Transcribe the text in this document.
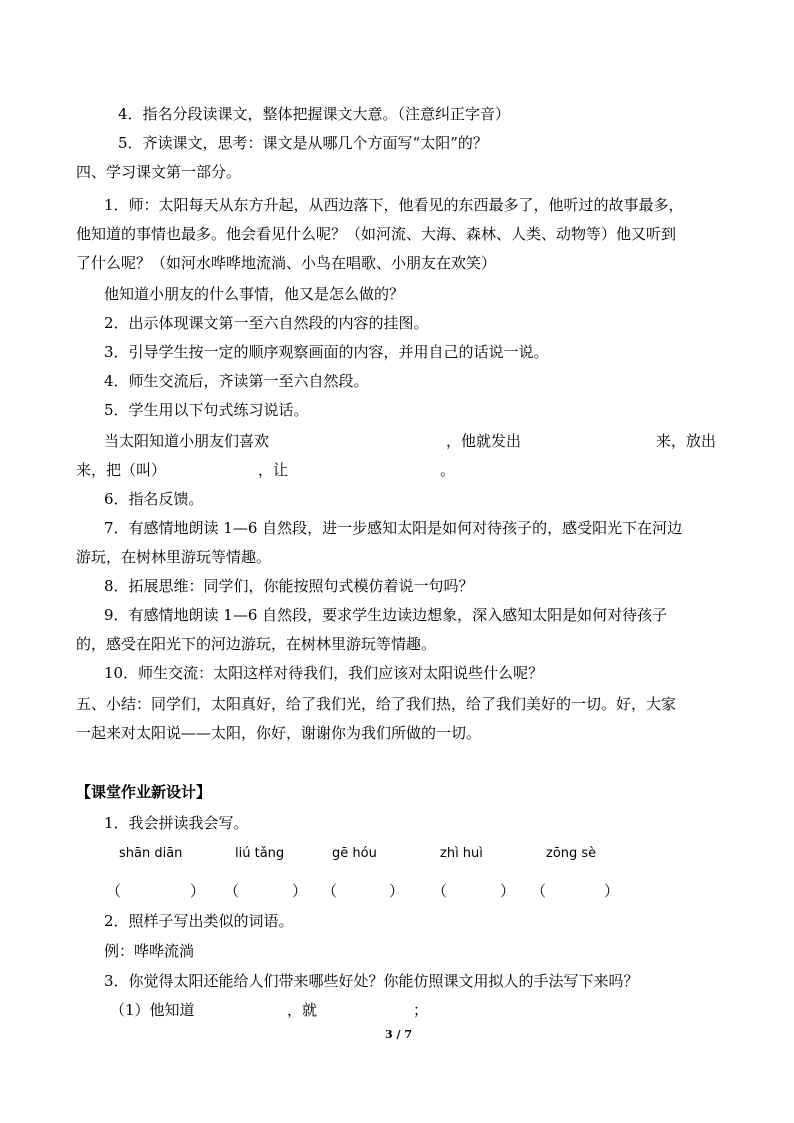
4．指名分段读课文，整体把握课文大意。（注意纠正字音）
5．齐读课文，思考：课文是从哪几个方面写“太阳”的？
四、学习课文第一部分。
1．师：太阳每天从东方升起，从西边落下，他看见的东西最多了，他听过的故事最多，
他知道的事情也最多。他会看见什么呢？（如河流、大海、森林、人类、动物等）他又听到
了什么呢？（如河水哗哗地流淌、小鸟在唱歌、小朋友在欢笑）
他知道小朋友的什么事情，他又是怎么做的？
2．出示体现课文第一至六自然段的内容的挂图。
3．引导学生按一定的顺序观察画面的内容，并用自己的话说一说。
4．师生交流后，齐读第一至六自然段。
5．学生用以下句式练习说话。
当太阳知道小朋友们喜欢	，他就发出	来，放出
来，把（叫）	，让	。
6．指名反馈。
7．有感情地朗读 1—6 自然段，进一步感知太阳是如何对待孩子的，感受阳光下在河边
游玩，在树林里游玩等情趣。
8．拓展思维：同学们，你能按照句式模仿着说一句吗？
9．有感情地朗读 1—6 自然段，要求学生边读边想象，深入感知太阳是如何对待孩子
的，感受在阳光下的河边游玩，在树林里游玩等情趣。
10．师生交流：太阳这样对待我们，我们应该对太阳说些什么呢？
五、小结：同学们，太阳真好，给了我们光，给了我们热，给了我们美好的一切。好，大家
一起来对太阳说——太阳，你好，谢谢你为我们所做的一切。
【课堂作业新设计】
1．我会拼读我会写。
shān diān	liú tǎng	gē hóu	zhì huì	zōng sè
（	） （	） （	） （	） （	）
2．照样子写出类似的词语。
例：哗哗流淌
3．你觉得太阳还能给人们带来哪些好处？你能仿照课文用拟人的手法写下来吗？
（1）他知道	，就	；
3 / 7
